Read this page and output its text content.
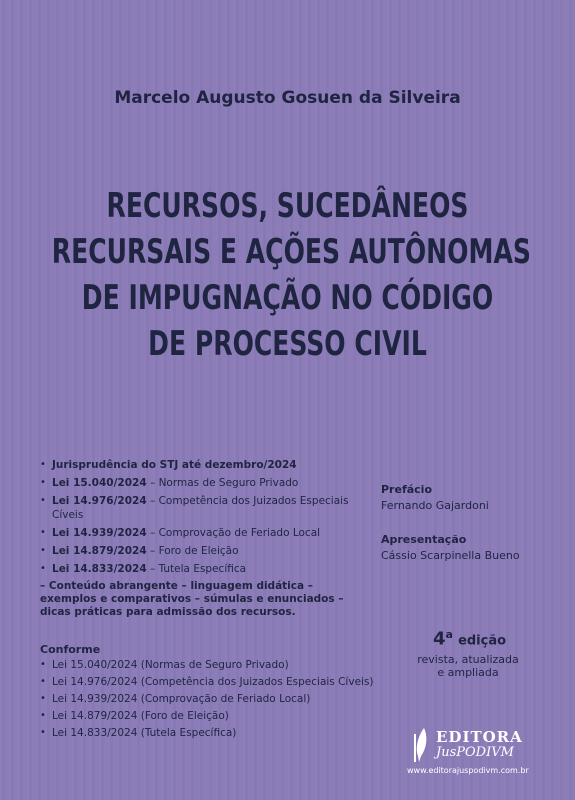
Marcelo Augusto Gosuen da Silveira
RECURSOS, SUCEDÂNEOS
RECURSAIS E AÇÕES AUTÔNOMAS
DE IMPUGNAÇÃO NO CÓDIGO
DE PROCESSO CIVIL
• Jurisprudência do STJ até dezembro/2024
• Lei 15.040/2024 – Normas de Seguro Privado
• Lei 14.976/2024 – Competência dos Juizados Especiais Cíveis
• Lei 14.939/2024 – Comprovação de Feriado Local
• Lei 14.879/2024 – Foro de Eleição
• Lei 14.833/2024 – Tutela Específica
– Conteúdo abrangente – linguagem didática – exemplos e comparativos – súmulas e enunciados – dicas práticas para admissão dos recursos.
Conforme
• Lei 15.040/2024 (Normas de Seguro Privado)
• Lei 14.976/2024 (Competência dos Juizados Especiais Cíveis)
• Lei 14.939/2024 (Comprovação de Feriado Local)
• Lei 14.879/2024 (Foro de Eleição)
• Lei 14.833/2024 (Tutela Específica)
Prefácio
Fernando Gajardoni
Apresentação
Cássio Scarpinella Bueno
4$^a$ edição
revista, atualizada
e ampliada
EDITORA
JusPODIVM
www.editorajuspodivm.com.br
